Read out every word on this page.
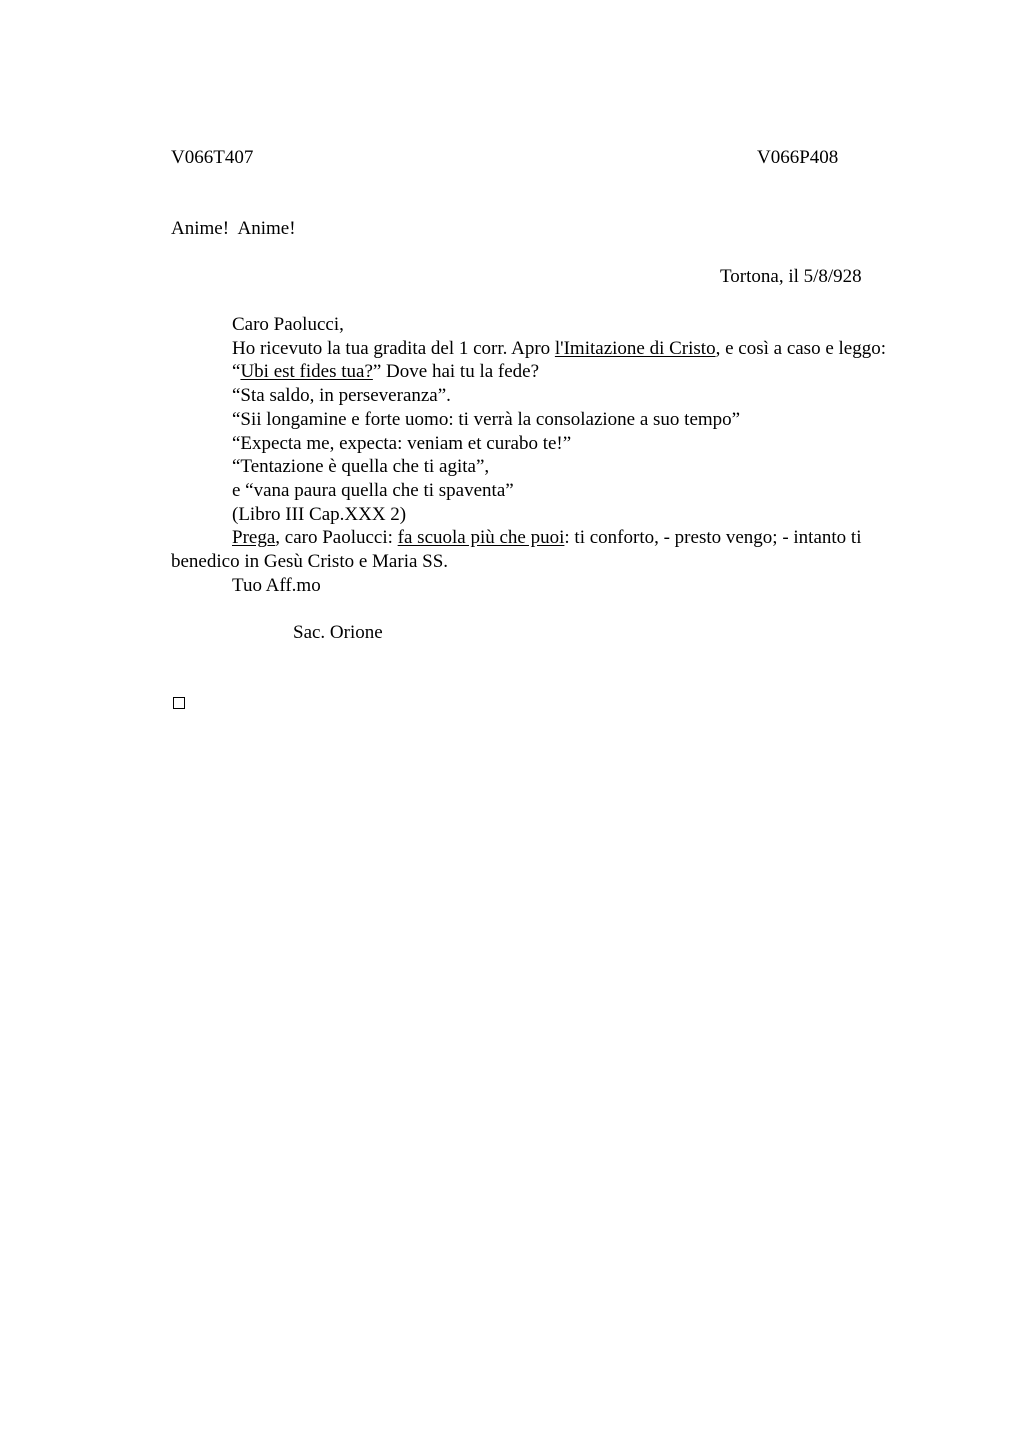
V066T407	V066P408
Anime!  Anime!
Tortona, il 5/8/928

Caro Paolucci,

Ho ricevuto la tua gradita del 1 corr. Apro l'Imitazione di Cristo, e così a caso e leggo:

“Ubi est fides tua?” Dove hai tu la fede?

“Sta saldo, in perseveranza”.

“Sii longamine e forte uomo: ti verrà la consolazione a suo tempo”

“Expecta me, expecta: veniam et curabo te!”

“Tentazione è quella che ti agita”,

e “vana paura quella che ti spaventa”

(Libro III Cap.XXX 2)

Prega, caro Paolucci: fa scuola più che puoi: ti conforto, - presto vengo; - intanto ti benedico in Gesù Cristo e Maria SS.

Tuo Aff.mo

Sac. Orione
